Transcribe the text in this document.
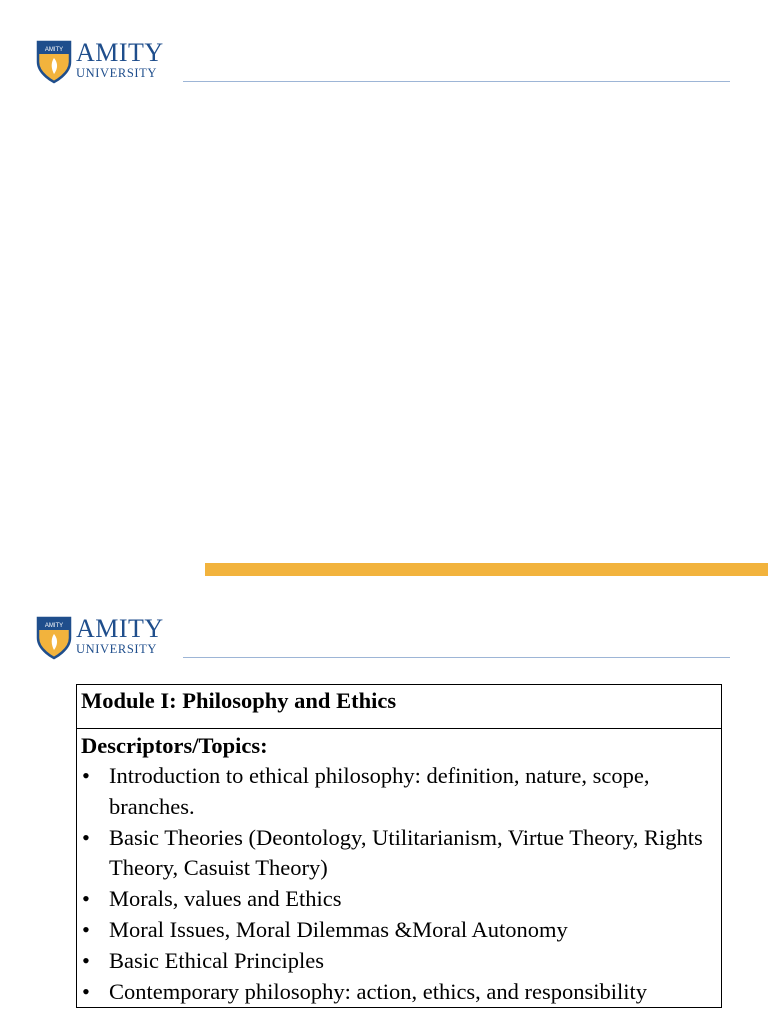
AMITY AMITY
UNIVERSITY
AMITY AMITY
UNIVERSITY
Module I: Philosophy and Ethics
Descriptors/Topics:
• Introduction to ethical philosophy: definition, nature, scope, branches.
• Basic Theories (Deontology, Utilitarianism, Virtue Theory, Rights Theory, Casuist Theory)
• Morals, values and Ethics
• Moral Issues, Moral Dilemmas &Moral Autonomy
• Basic Ethical Principles
• Contemporary philosophy: action, ethics, and responsibility
